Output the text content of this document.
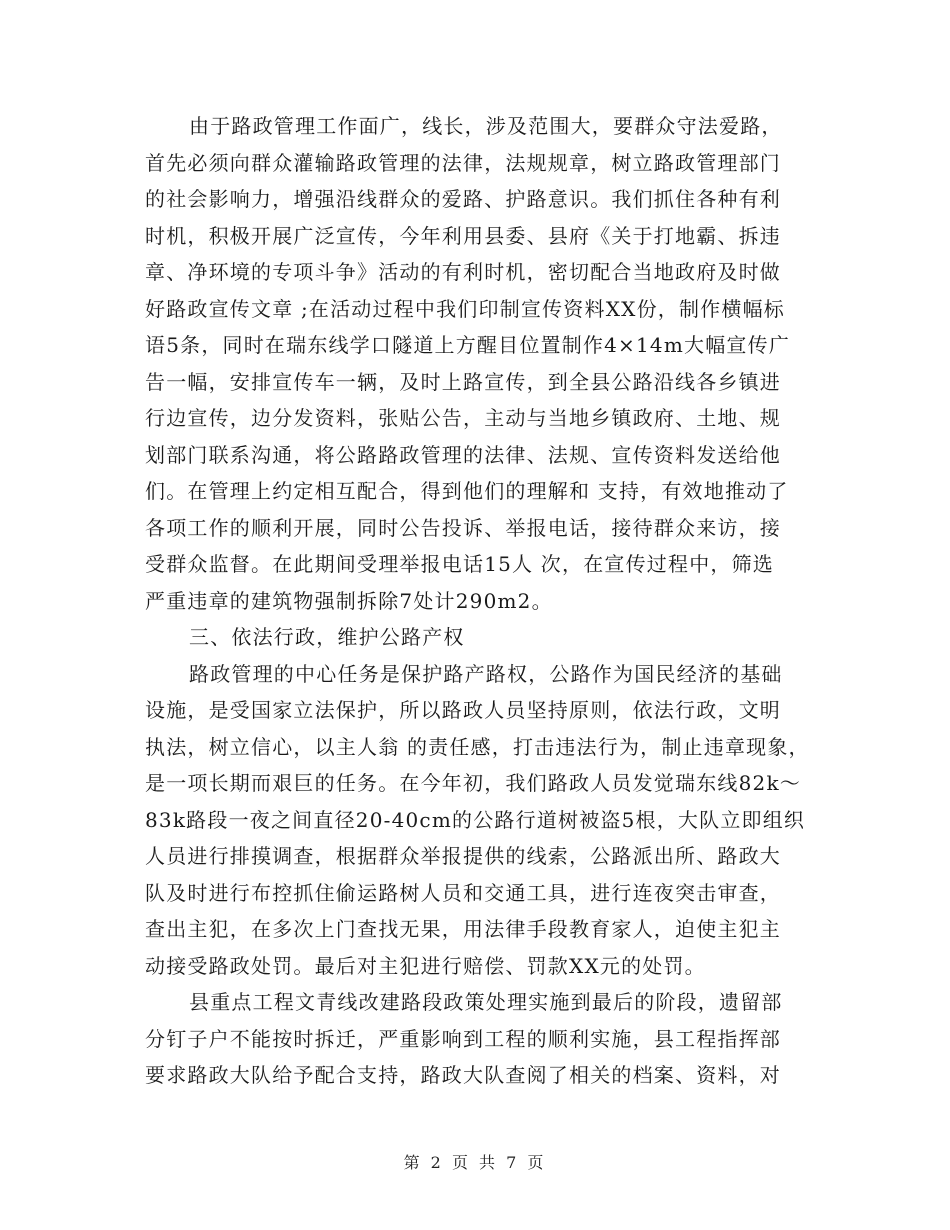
由于路政管理工作面广，线长，涉及范围大，要群众守法爱路，
首先必须向群众灌输路政管理的法律，法规规章，树立路政管理部门
的社会影响力，增强沿线群众的爱路、护路意识。我们抓住各种有利
时机，积极开展广泛宣传，今年利用县委、县府《关于打地霸、拆违
章、净环境的专项斗争》活动的有利时机，密切配合当地政府及时做
好路政宣传文章 ;在活动过程中我们印制宣传资料XX份，制作横幅标
语5条，同时在瑞东线学口隧道上方醒目位置制作4×14m大幅宣传广
告一幅，安排宣传车一辆，及时上路宣传，到全县公路沿线各乡镇进
行边宣传，边分发资料，张贴公告，主动与当地乡镇政府、土地、规
划部门联系沟通，将公路路政管理的法律、法规、宣传资料发送给他
们。在管理上约定相互配合，得到他们的理解和 支持，有效地推动了
各项工作的顺利开展，同时公告投诉、举报电话，接待群众来访，接
受群众监督。在此期间受理举报电话15人 次，在宣传过程中，筛选
严重违章的建筑物强制拆除7处计290m2。
三、依法行政，维护公路产权
路政管理的中心任务是保护路产路权，公路作为国民经济的基础
设施，是受国家立法保护，所以路政人员坚持原则，依法行政，文明
执法，树立信心，以主人翁 的责任感，打击违法行为，制止违章现象，
是一项长期而艰巨的任务。在今年初，我们路政人员发觉瑞东线82k～
83k路段一夜之间直径20-40cm的公路行道树被盗5根，大队立即组织
人员进行排摸调查，根据群众举报提供的线索，公路派出所、路政大
队及时进行布控抓住偷运路树人员和交通工具，进行连夜突击审查，
查出主犯，在多次上门查找无果，用法律手段教育家人，迫使主犯主
动接受路政处罚。最后对主犯进行赔偿、罚款XX元的处罚。
县重点工程文青线改建路段政策处理实施到最后的阶段，遗留部
分钉子户不能按时拆迁，严重影响到工程的顺利实施，县工程指挥部
要求路政大队给予配合支持，路政大队查阅了相关的档案、资料，对
第 2 页 共 7 页
